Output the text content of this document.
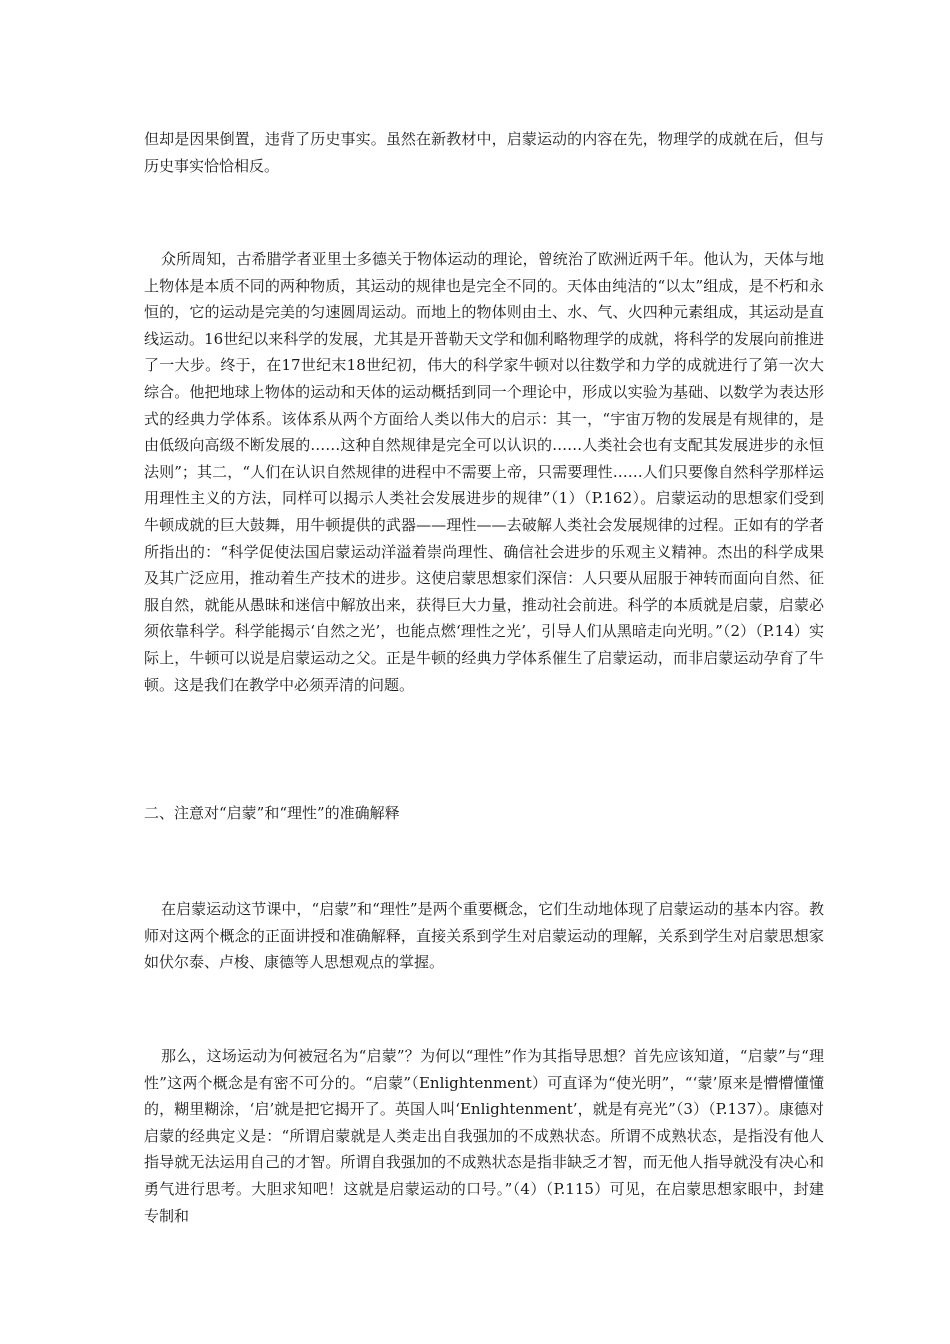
但却是因果倒置，违背了历史事实。虽然在新教材中，启蒙运动的内容在先，物理学的成就在后，但与历史事实恰恰相反。

众所周知，古希腊学者亚里士多德关于物体运动的理论，曾统治了欧洲近两千年。他认为，天体与地上物体是本质不同的两种物质，其运动的规律也是完全不同的。天体由纯洁的“以太”组成，是不朽和永恒的，它的运动是完美的匀速圆周运动。而地上的物体则由土、水、气、火四种元素组成，其运动是直线运动。16世纪以来科学的发展，尤其是开普勒天文学和伽利略物理学的成就，将科学的发展向前推进了一大步。终于，在17世纪末18世纪初，伟大的科学家牛顿对以往数学和力学的成就进行了第一次大综合。他把地球上物体的运动和天体的运动概括到同一个理论中，形成以实验为基础、以数学为表达形式的经典力学体系。该体系从两个方面给人类以伟大的启示：其一，“宇宙万物的发展是有规律的，是由低级向高级不断发展的……这种自然规律是完全可以认识的……人类社会也有支配其发展进步的永恒法则”；其二，“人们在认识自然规律的进程中不需要上帝，只需要理性……人们只要像自然科学那样运用理性主义的方法，同样可以揭示人类社会发展进步的规律”（1）（P.162）。启蒙运动的思想家们受到牛顿成就的巨大鼓舞，用牛顿提供的武器——理性——去破解人类社会发展规律的过程。正如有的学者所指出的：“科学促使法国启蒙运动洋溢着崇尚理性、确信社会进步的乐观主义精神。杰出的科学成果及其广泛应用，推动着生产技术的进步。这使启蒙思想家们深信：人只要从屈服于神转而面向自然、征服自然，就能从愚昧和迷信中解放出来，获得巨大力量，推动社会前进。科学的本质就是启蒙，启蒙必须依靠科学。科学能揭示‘自然之光’，也能点燃‘理性之光’，引导人们从黑暗走向光明。”（2）（P.14）实际上，牛顿可以说是启蒙运动之父。正是牛顿的经典力学体系催生了启蒙运动，而非启蒙运动孕育了牛顿。这是我们在教学中必须弄清的问题。

二、注意对“启蒙”和“理性”的准确解释

在启蒙运动这节课中，“启蒙”和“理性”是两个重要概念，它们生动地体现了启蒙运动的基本内容。教师对这两个概念的正面讲授和准确解释，直接关系到学生对启蒙运动的理解，关系到学生对启蒙思想家如伏尔泰、卢梭、康德等人思想观点的掌握。

那么，这场运动为何被冠名为“启蒙”？为何以“理性”作为其指导思想？首先应该知道，“启蒙”与“理性”这两个概念是有密不可分的。“启蒙”（Enlightenment）可直译为“使光明”，“‘蒙’原来是懵懵懂懂的，糊里糊涂，‘启’就是把它揭开了。英国人叫‘Enlightenment’，就是有亮光”（3）（P.137）。康德对启蒙的经典定义是：“所谓启蒙就是人类走出自我强加的不成熟状态。所谓不成熟状态，是指没有他人指导就无法运用自己的才智。所谓自我强加的不成熟状态是指非缺乏才智，而无他人指导就没有决心和勇气进行思考。大胆求知吧！这就是启蒙运动的口号。”（4）（P.115）可见，在启蒙思想家眼中，封建专制和
